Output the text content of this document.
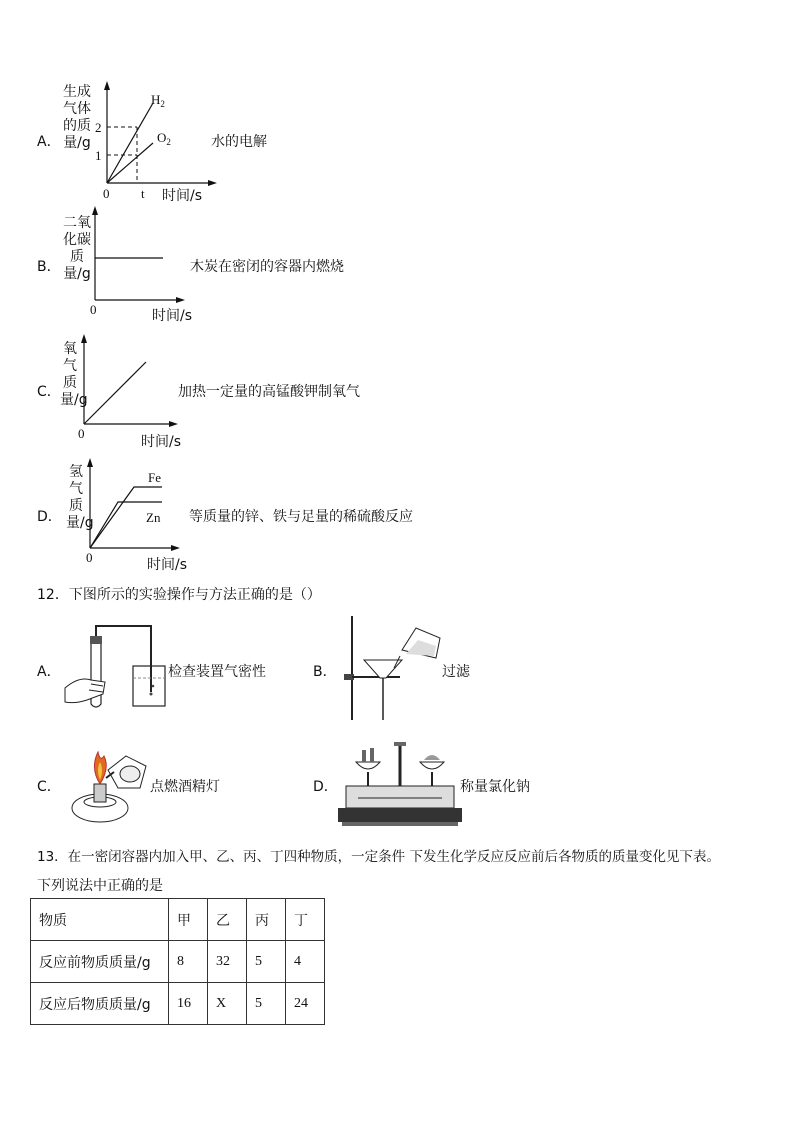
A．
生成气体的质量/g
2
1
0 t
$H_2$
$O_2$
时间/s
水的电解
B．
二氧化碳质量/g
0	时间/s
木炭在密闭的容器内燃烧
C．
氧气质量/g
0
时间/s
加热一定量的高锰酸钾制氧气
D．
氢气质量/g
Fe
Zn
0	时间/s
等质量的锌、铁与足量的稀硫酸反应
12．下图所示的实验操作与方法正确的是（）
A．	检查装置气密性	B．	过滤
C．	点燃酒精灯	D．	称量氯化钠
13．在一密闭容器内加入甲、乙、丙、丁四种物质，一定条件 下发生化学反应反应前后各物质的质量变化见下表。
下列说法中正确的是
物质	甲	乙	丙	丁
反应前物质质量/g	8	32	5	4
反应后物质质量/g	16	X	5	24
